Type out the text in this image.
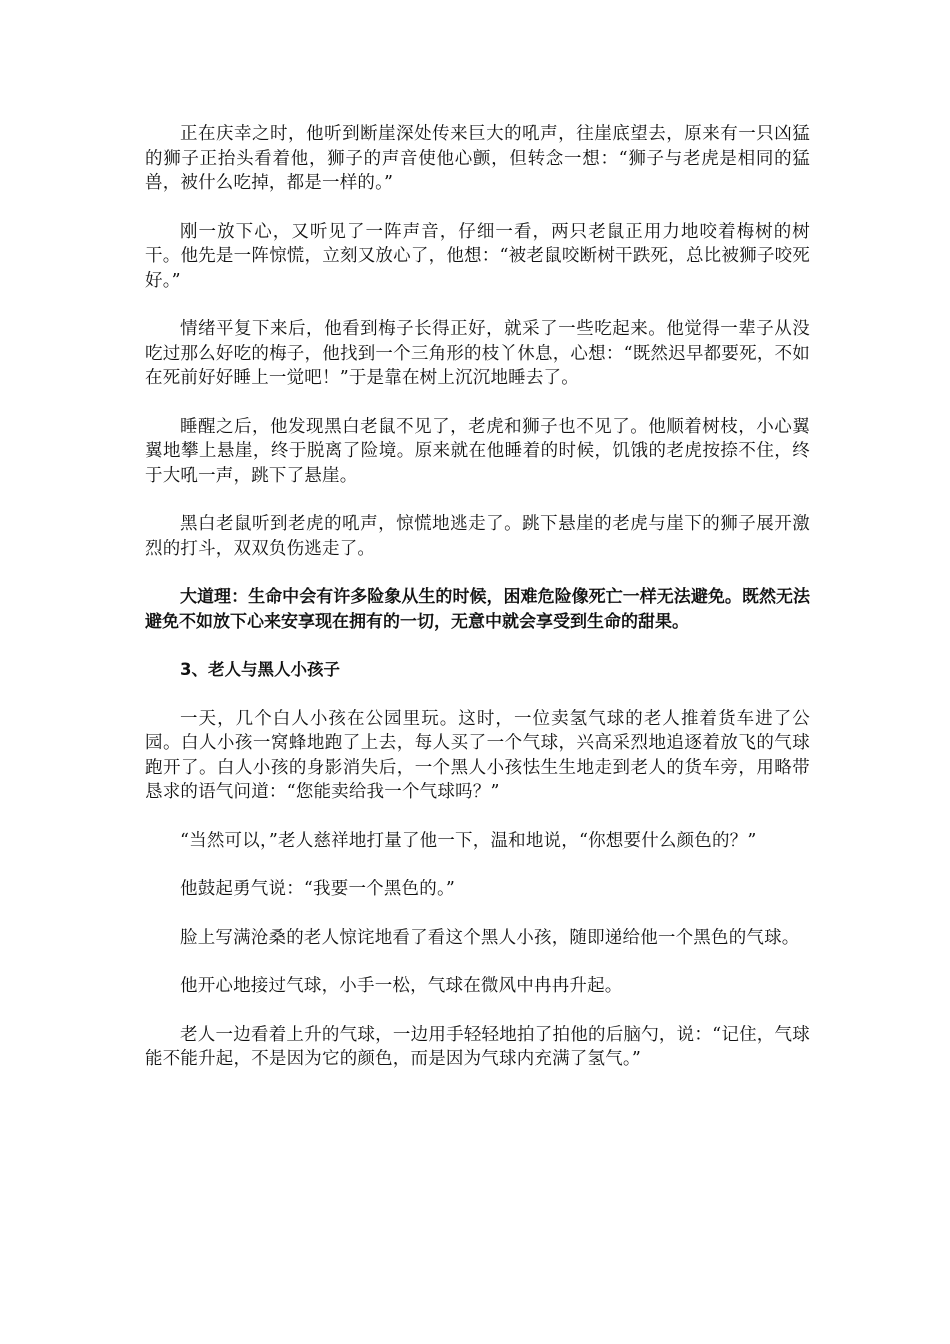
正在庆幸之时，他听到断崖深处传来巨大的吼声，往崖底望去，原来有一只凶猛的狮子正抬头看着他，狮子的声音使他心颤，但转念一想：“狮子与老虎是相同的猛兽，被什么吃掉，都是一样的。”

刚一放下心，又听见了一阵声音，仔细一看，两只老鼠正用力地咬着梅树的树干。他先是一阵惊慌，立刻又放心了，他想：“被老鼠咬断树干跌死，总比被狮子咬死好。”

情绪平复下来后，他看到梅子长得正好，就采了一些吃起来。他觉得一辈子从没吃过那么好吃的梅子，他找到一个三角形的枝丫休息，心想：“既然迟早都要死，不如在死前好好睡上一觉吧！”于是靠在树上沉沉地睡去了。

睡醒之后，他发现黑白老鼠不见了，老虎和狮子也不见了。他顺着树枝，小心翼翼地攀上悬崖，终于脱离了险境。原来就在他睡着的时候，饥饿的老虎按捺不住，终于大吼一声，跳下了悬崖。

黑白老鼠听到老虎的吼声，惊慌地逃走了。跳下悬崖的老虎与崖下的狮子展开激烈的打斗，双双负伤逃走了。

大道理：生命中会有许多险象从生的时候，困难危险像死亡一样无法避免。既然无法避免不如放下心来安享现在拥有的一切，无意中就会享受到生命的甜果。

3、老人与黑人小孩子

一天，几个白人小孩在公园里玩。这时，一位卖氢气球的老人推着货车进了公园。白人小孩一窝蜂地跑了上去，每人买了一个气球，兴高采烈地追逐着放飞的气球跑开了。白人小孩的身影消失后，一个黑人小孩怯生生地走到老人的货车旁，用略带恳求的语气问道：“您能卖给我一个气球吗？”

“当然可以，”老人慈祥地打量了他一下，温和地说，“你想要什么颜色的？”

他鼓起勇气说：“我要一个黑色的。”

脸上写满沧桑的老人惊诧地看了看这个黑人小孩，随即递给他一个黑色的气球。

他开心地接过气球，小手一松，气球在微风中冉冉升起。

老人一边看着上升的气球，一边用手轻轻地拍了拍他的后脑勺，说：“记住，气球能不能升起，不是因为它的颜色，而是因为气球内充满了氢气。”
